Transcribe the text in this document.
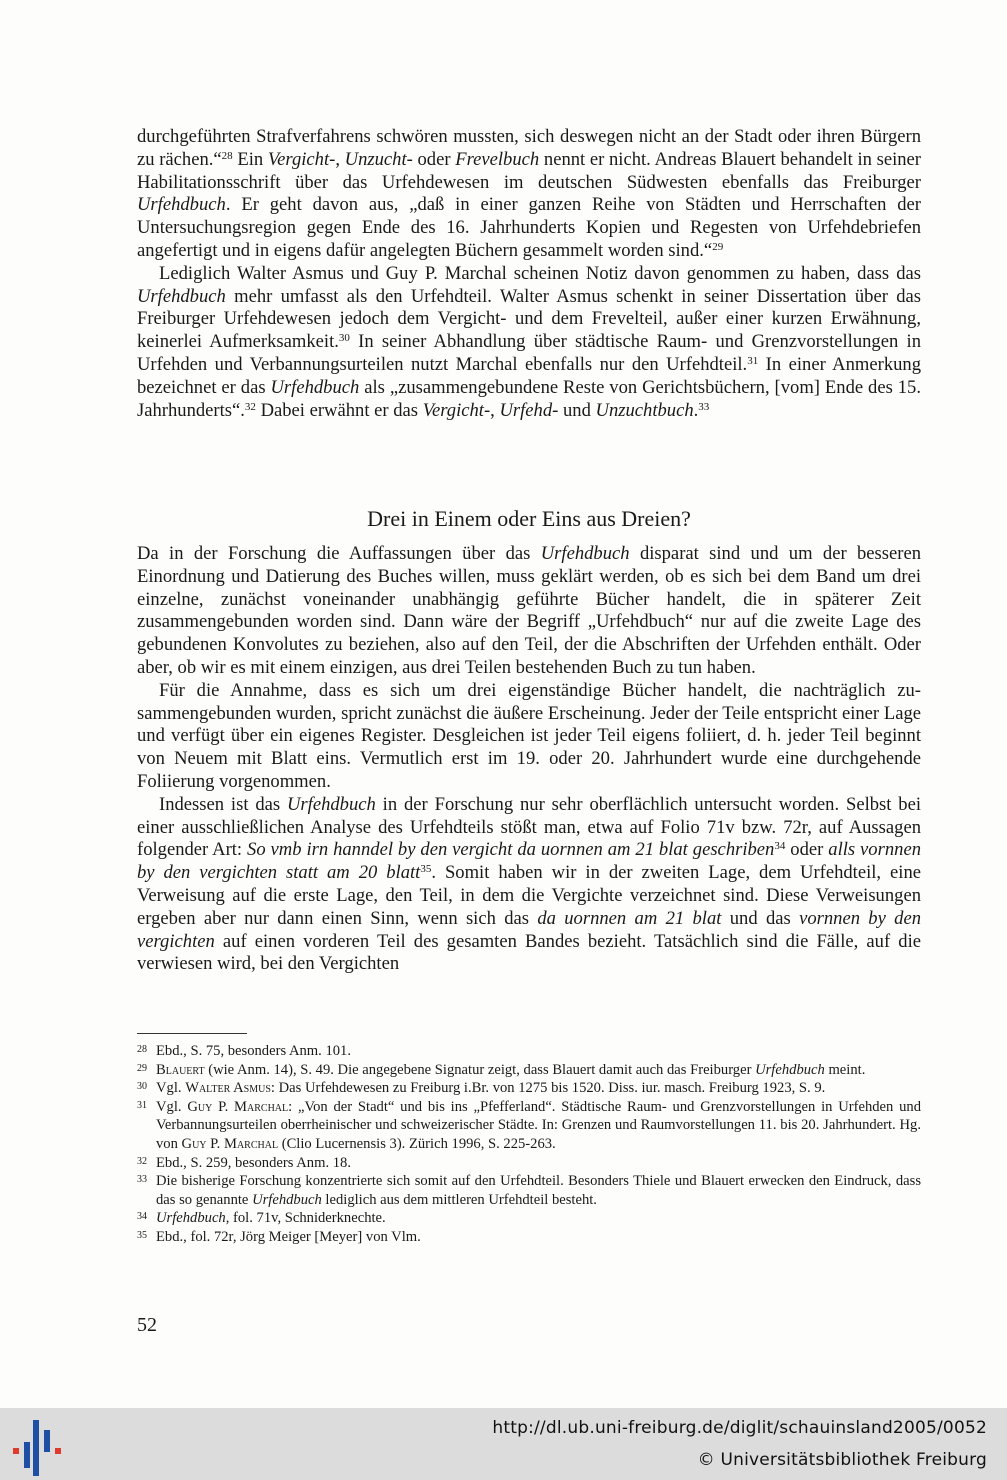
durchgeführten Strafverfahrens schwören mussten, sich deswegen nicht an der Stadt oder ihren Bürgern zu rächen.“$^{28}$ Ein Vergicht-, Unzucht- oder Frevelbuch nennt er nicht. Andreas Blauert behandelt in seiner Habilitationsschrift über das Urfehdewesen im deutschen Südwesten ebenfalls das Freiburger Urfehdbuch. Er geht davon aus, „daß in einer ganzen Reihe von Städten und Herrschaften der Untersuchungsregion gegen Ende des 16. Jahrhunderts Kopien und Regesten von Urfehdebriefen angefertigt und in eigens dafür angelegten Büchern gesammelt worden sind.“$^{29}$

Lediglich Walter Asmus und Guy P. Marchal scheinen Notiz davon genommen zu haben, dass das Urfehdbuch mehr umfasst als den Urfehdteil. Walter Asmus schenkt in seiner Dissertation über das Freiburger Urfehdewesen jedoch dem Vergicht- und dem Frevelteil, außer einer kurzen Erwähnung, keinerlei Aufmerksamkeit.$^{30}$ In seiner Abhandlung über städtische Raum- und Grenzvorstellungen in Urfehden und Verbannungsurteilen nutzt Marchal ebenfalls nur den Urfehdteil.$^{31}$ In einer Anmerkung bezeichnet er das Urfehdbuch als „zusammengebundene Reste von Gerichtsbüchern, [vom] Ende des 15. Jahrhunderts“.$^{32}$ Dabei erwähnt er das Vergicht-, Urfehd- und Unzuchtbuch.$^{33}$

Drei in Einem oder Eins aus Dreien?

Da in der Forschung die Auffassungen über das Urfehdbuch disparat sind und um der besseren Einordnung und Datierung des Buches willen, muss geklärt werden, ob es sich bei dem Band um drei einzelne, zunächst voneinander unabhängig geführte Bücher handelt, die in späterer Zeit zusammengebunden worden sind. Dann wäre der Begriff „Urfehdbuch“ nur auf die zweite Lage des gebundenen Konvolutes zu beziehen, also auf den Teil, der die Abschriften der Urfehden enthält. Oder aber, ob wir es mit einem einzigen, aus drei Teilen bestehenden Buch zu tun haben.

Für die Annahme, dass es sich um drei eigenständige Bücher handelt, die nachträglich zusammengebunden wurden, spricht zunächst die äußere Erscheinung. Jeder der Teile entspricht einer Lage und verfügt über ein eigenes Register. Desgleichen ist jeder Teil eigens foliiert, d. h. jeder Teil beginnt von Neuem mit Blatt eins. Vermutlich erst im 19. oder 20. Jahrhundert wurde eine durchgehende Foliierung vorgenommen.

Indessen ist das Urfehdbuch in der Forschung nur sehr oberflächlich untersucht worden. Selbst bei einer ausschließlichen Analyse des Urfehdteils stößt man, etwa auf Folio 71v bzw. 72r, auf Aussagen folgender Art: So vmb irn hanndel by den vergicht da uornnen am 21 blat geschriben$^{34}$ oder alls vornnen by den vergichten statt am 20 blatt$^{35}$. Somit haben wir in der zweiten Lage, dem Urfehdteil, eine Verweisung auf die erste Lage, den Teil, in dem die Vergichte verzeichnet sind. Diese Verweisungen ergeben aber nur dann einen Sinn, wenn sich das da uornnen am 21 blat und das vornnen by den vergichten auf einen vorderen Teil des gesamten Bandes bezieht. Tatsächlich sind die Fälle, auf die verwiesen wird, bei den Vergichten

28 Ebd., S. 75, besonders Anm. 101.
29 Blauert (wie Anm. 14), S. 49. Die angegebene Signatur zeigt, dass Blauert damit auch das Freiburger Urfehdbuch meint.
30 Vgl. Walter Asmus: Das Urfehdewesen zu Freiburg i.Br. von 1275 bis 1520. Diss. iur. masch. Freiburg 1923, S. 9.
31 Vgl. Guy P. Marchal: „Von der Stadt“ und bis ins „Pfefferland“. Städtische Raum- und Grenzvorstellungen in Urfehden und Verbannungsurteilen oberrheinischer und schweizerischer Städte. In: Grenzen und Raumvorstellungen 11. bis 20. Jahrhundert. Hg. von Guy P. Marchal (Clio Lucernensis 3). Zürich 1996, S. 225-263.
32 Ebd., S. 259, besonders Anm. 18.
33 Die bisherige Forschung konzentrierte sich somit auf den Urfehdteil. Besonders Thiele und Blauert erwecken den Eindruck, dass das so genannte Urfehdbuch lediglich aus dem mittleren Urfehdteil besteht.
34 Urfehdbuch, fol. 71v, Schniderknechte.
35 Ebd., fol. 72r, Jörg Meiger [Meyer] von Vlm.
52
http://dl.ub.uni-freiburg.de/diglit/schauinsland2005/0052
© Universitätsbibliothek Freiburg
